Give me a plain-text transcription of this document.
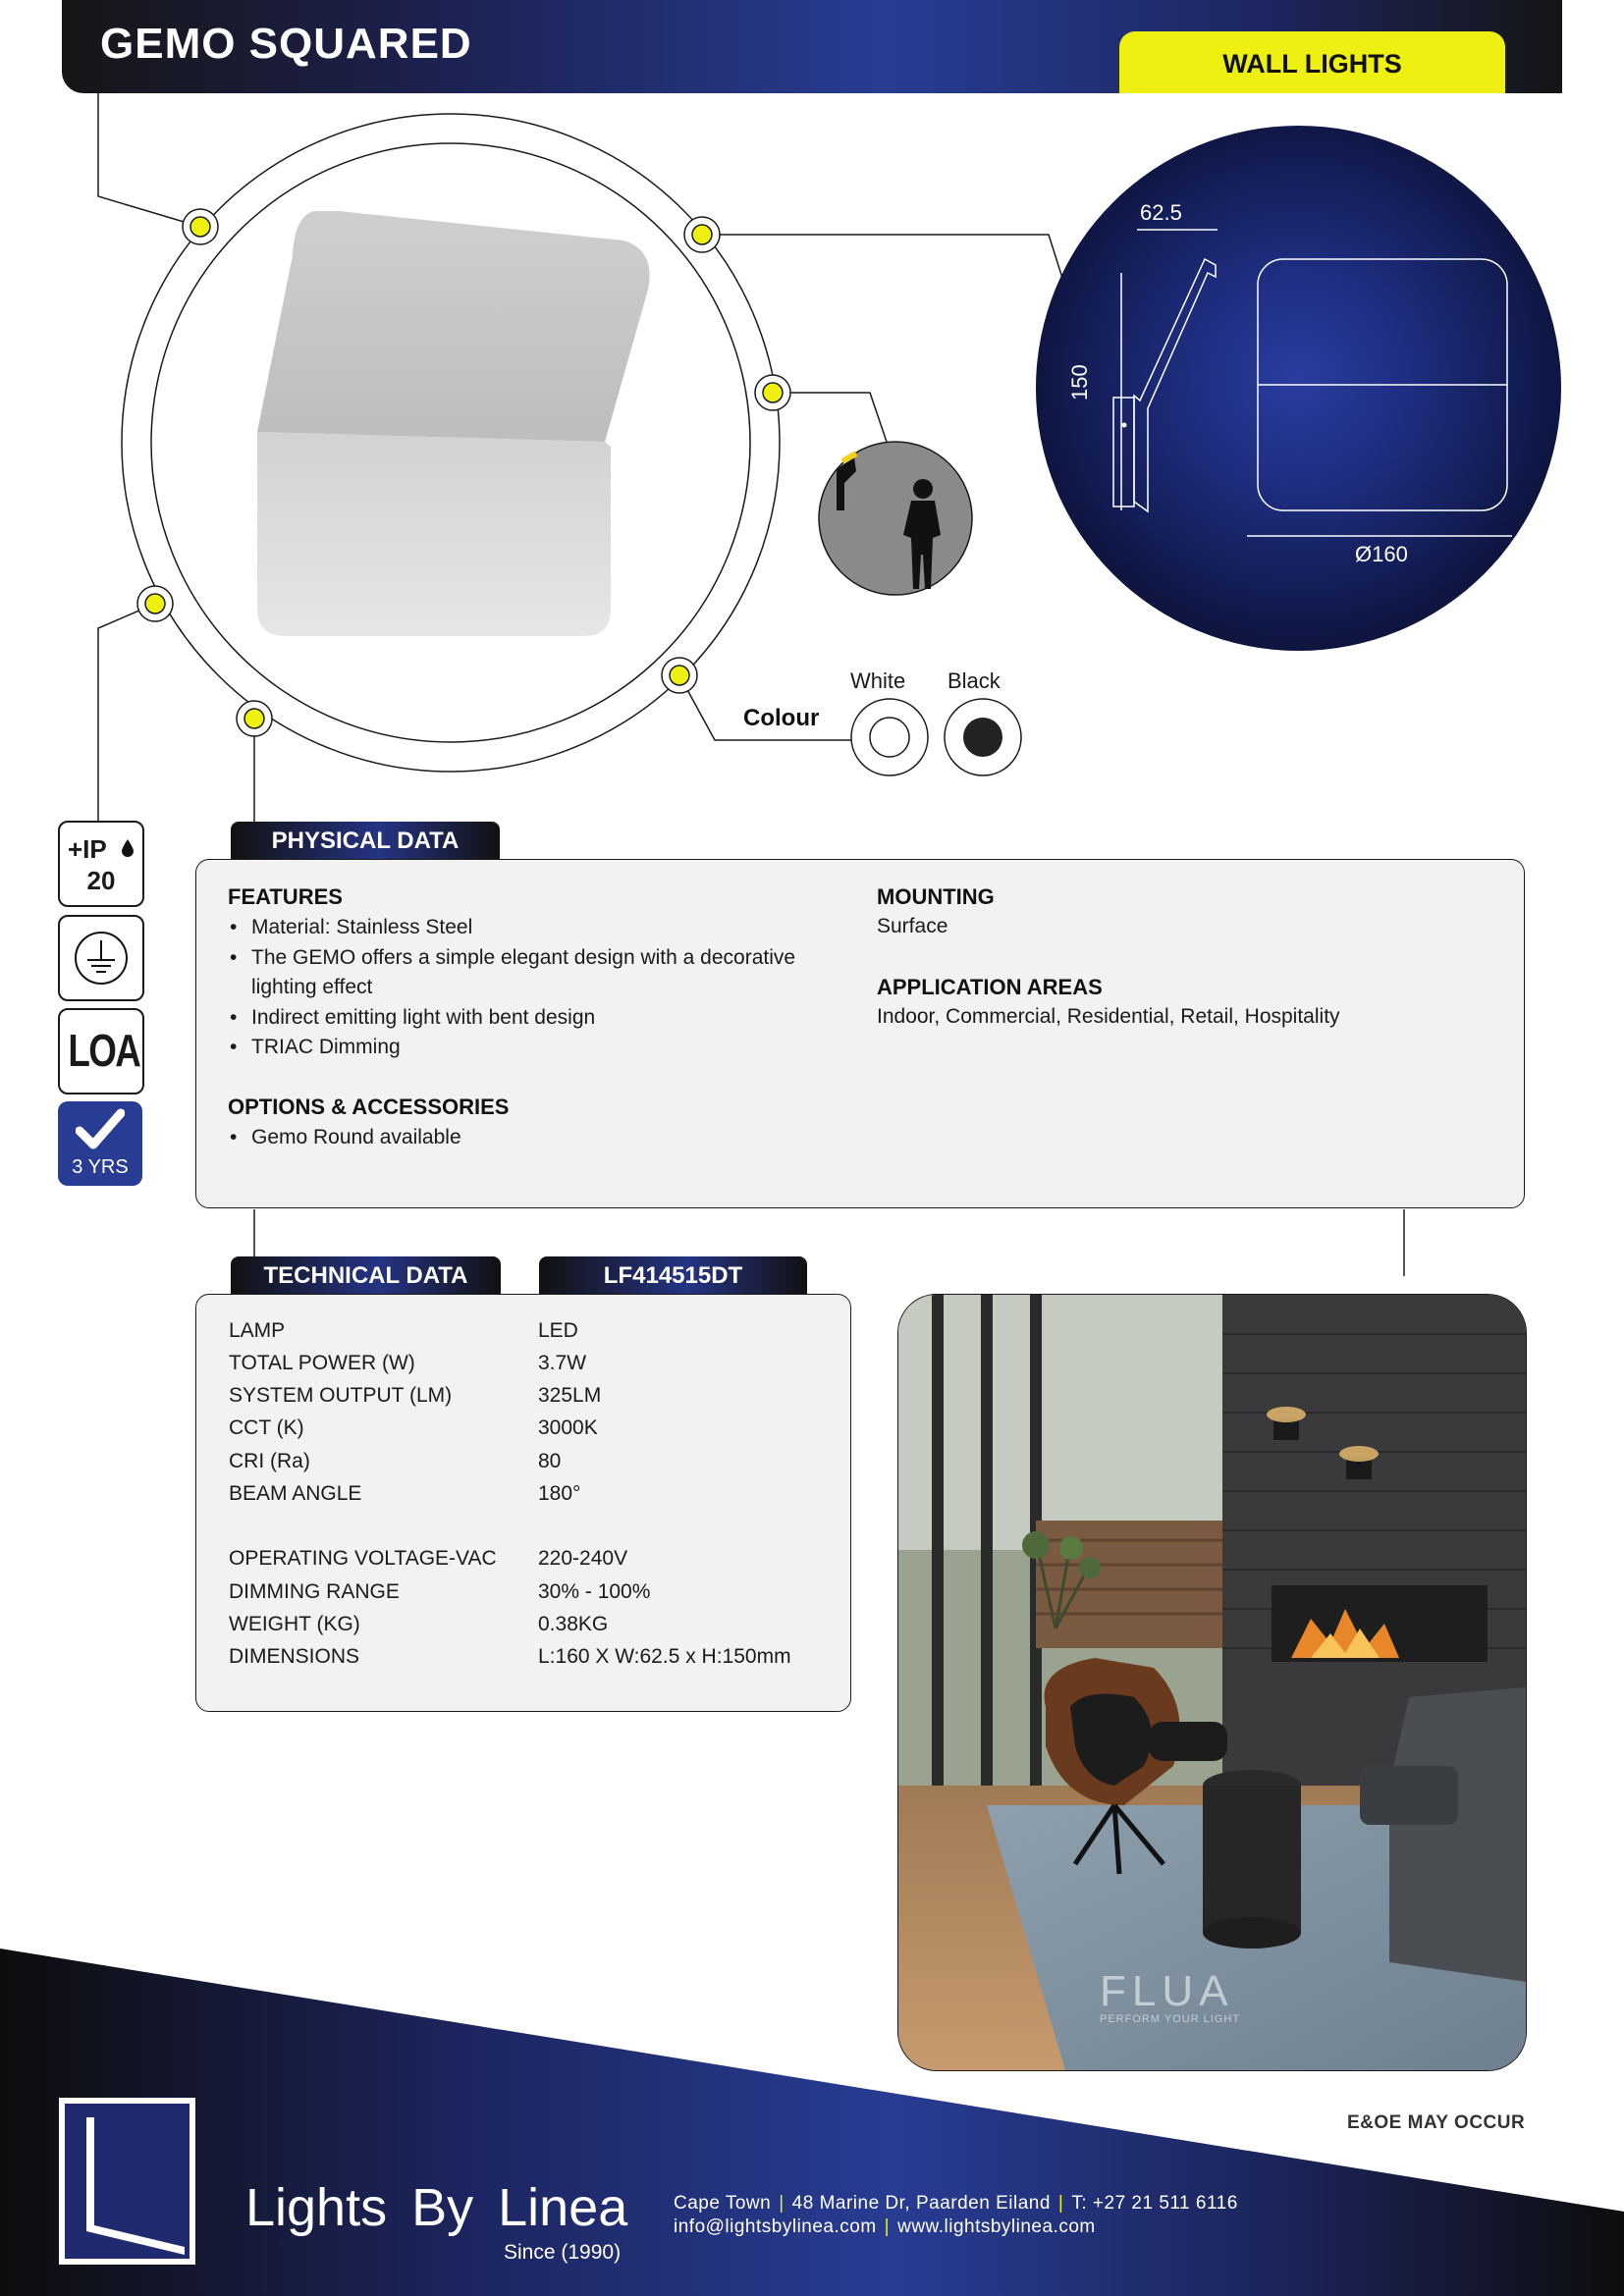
GEMO SQUARED	WALL LIGHTS
62.5
150
Ø160
Colour
White Black
+IP
20
LOA
3 YRS
PHYSICAL DATA
FEATURES
• Material: Stainless Steel
• The GEMO offers a simple elegant design with a decorative lighting effect
• Indirect emitting light with bent design
• TRIAC Dimming
OPTIONS & ACCESSORIES
• Gemo Round available
MOUNTING
Surface
APPLICATION AREAS
Indoor, Commercial, Residential, Retail, Hospitality
TECHNICAL DATA	LF414515DT
LAMP	LED
TOTAL POWER (W)	3.7W
SYSTEM OUTPUT (LM)	325LM
CCT (K)	3000K
CRI (Ra)	80
BEAM ANGLE	180°
OPERATING VOLTAGE-VAC 220-240V
DIMMING RANGE	30% - 100%
WEIGHT (KG)	0.38KG
DIMENSIONS	L:160 X W:62.5 x H:150mm
FLUA
PERFORM YOUR LIGHT
E&OE MAY OCCUR
Lights By Linea
Since (1990)
Cape Town | 48 Marine Dr, Paarden Eiland | T: +27 21 511 6116
info@lightsbylinea.com | www.lightsbylinea.com
